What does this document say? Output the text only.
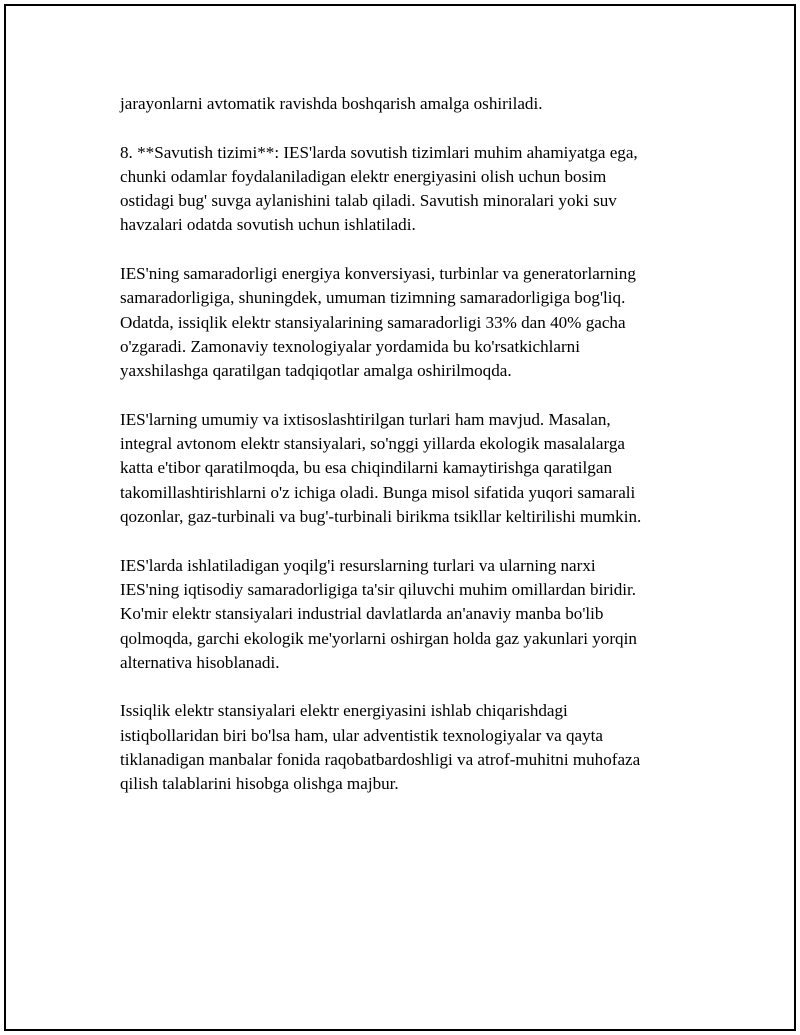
jarayonlarni avtomatik ravishda boshqarish amalga oshiriladi.

8. **Savutish tizimi**: IES'larda sovutish tizimlari muhim ahamiyatga ega,
chunki odamlar foydalaniladigan elektr energiyasini olish uchun bosim
ostidagi bug' suvga aylanishini talab qiladi. Savutish minoralari yoki suv
havzalari odatda sovutish uchun ishlatiladi.

IES'ning samaradorligi energiya konversiyasi, turbinlar va generatorlarning
samaradorligiga, shuningdek, umuman tizimning samaradorligiga bog'liq.
Odatda, issiqlik elektr stansiyalarining samaradorligi 33% dan 40% gacha
o'zgaradi. Zamonaviy texnologiyalar yordamida bu ko'rsatkichlarni
yaxshilashga qaratilgan tadqiqotlar amalga oshirilmoqda.

IES'larning umumiy va ixtisoslashtirilgan turlari ham mavjud. Masalan,
integral avtonom elektr stansiyalari, so'nggi yillarda ekologik masalalarga
katta e'tibor qaratilmoqda, bu esa chiqindilarni kamaytirishga qaratilgan
takomillashtirishlarni o'z ichiga oladi. Bunga misol sifatida yuqori samarali
qozonlar, gaz-turbinali va bug'-turbinali birikma tsikllar keltirilishi mumkin.

IES'larda ishlatiladigan yoqilg'i resurslarning turlari va ularning narxi
IES'ning iqtisodiy samaradorligiga ta'sir qiluvchi muhim omillardan biridir.
Ko'mir elektr stansiyalari industrial davlatlarda an'anaviy manba bo'lib
qolmoqda, garchi ekologik me'yorlarni oshirgan holda gaz yakunlari yorqin
alternativa hisoblanadi.

Issiqlik elektr stansiyalari elektr energiyasini ishlab chiqarishdagi
istiqbollaridan biri bo'lsa ham, ular adventistik texnologiyalar va qayta
tiklanadigan manbalar fonida raqobatbardoshligi va atrof-muhitni muhofaza
qilish talablarini hisobga olishga majbur.
